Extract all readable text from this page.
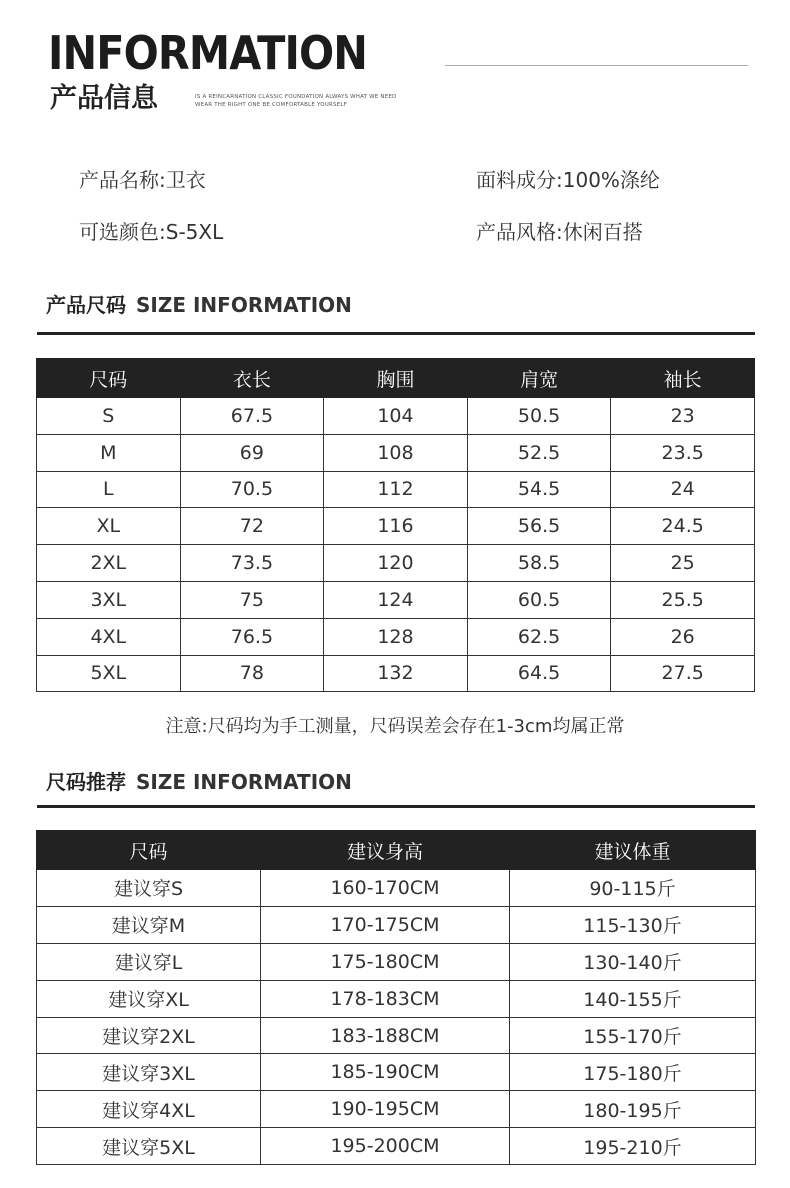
INFORMATION
产品信息	IS A REINCARNATION CLASSIC FOUNDATION ALWAYS WHAT WE NEED
WEAR THE RIGHT ONE BE COMFORTABLE YOURSELF
产品名称:卫衣	面料成分:100%涤纶
可选颜色:S-5XL	产品风格:休闲百搭
产品尺码 SIZE INFORMATION
尺码	衣长	胸围	肩宽	袖长
S	67.5	104	50.5	23
M	69	108	52.5	23.5
L	70.5	112	54.5	24
XL	72	116	56.5	24.5
2XL	73.5	120	58.5	25
3XL	75	124	60.5	25.5
4XL	76.5	128	62.5	26
5XL	78	132	64.5	27.5
注意:尺码均为手工测量，尺码误差会存在1-3cm均属正常
尺码推荐 SIZE INFORMATION
尺码	建议身高	建议体重
建议穿S	160-170CM	90-115斤
建议穿M	170-175CM	115-130斤
建议穿L	175-180CM	130-140斤
建议穿XL	178-183CM	140-155斤
建议穿2XL	183-188CM	155-170斤
建议穿3XL	185-190CM	175-180斤
建议穿4XL	190-195CM	180-195斤
建议穿5XL	195-200CM	195-210斤
